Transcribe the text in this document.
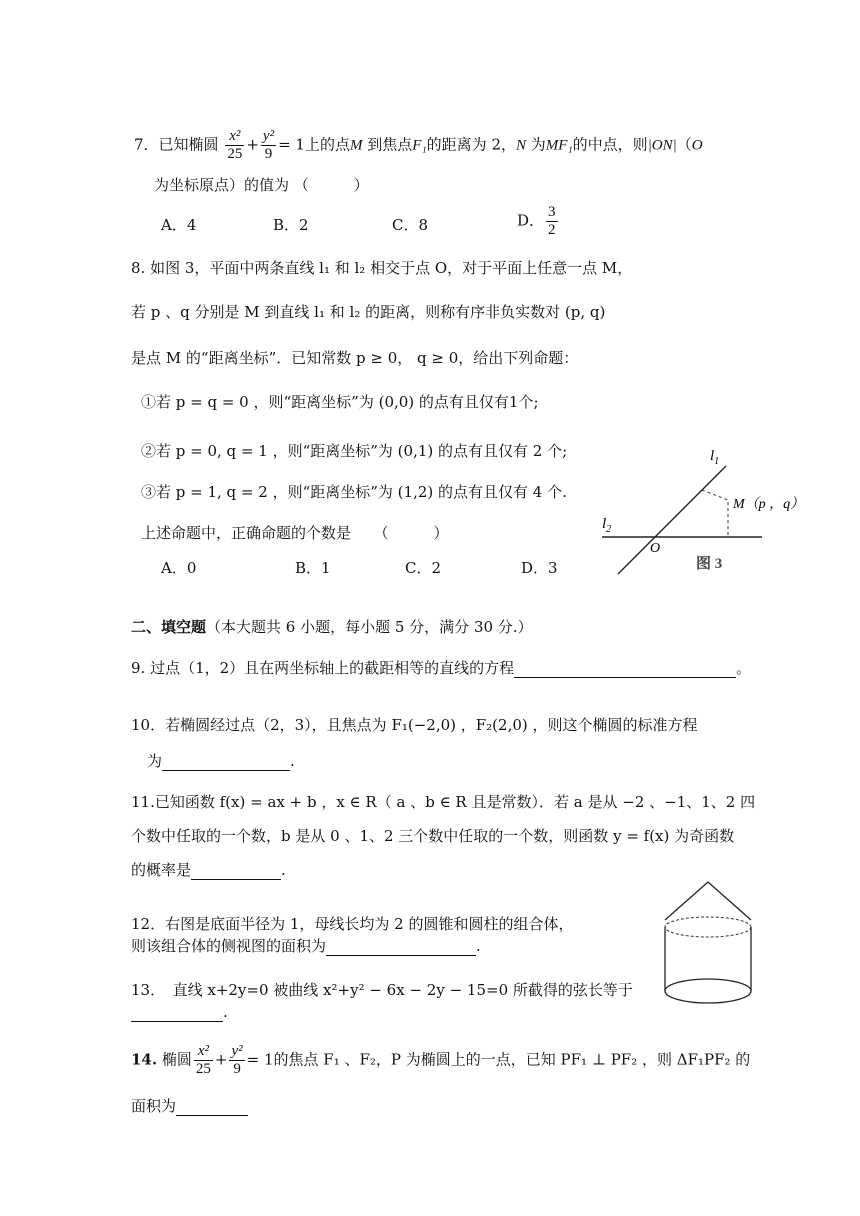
7．已知椭圆 $\frac{\text{x²}}{25} + \frac{\text{y²}}{9} = 1$上的点M 到焦点F₁的距离为 2，N 为MF₁的中点，则|ON|（O
为坐标原点）的值为 （　　　）
A．4	B．2	C．8	D． $\frac{3}{2}$
8. 如图 3，平面中两条直线 l₁ 和 l₂ 相交于点 O，对于平面上任意一点 M，
若 p 、q 分别是 M 到直线 l₁ 和 l₂ 的距离，则称有序非负实数对 (p, q)
是点 M 的“距离坐标”．已知常数 p ≥ 0， q ≥ 0，给出下列命题：
①若 p = q = 0 ，则“距离坐标”为 (0,0) 的点有且仅有1个;
②若 p = 0, q = 1 ，则“距离坐标”为 (0,1) 的点有且仅有 2 个;
③若 p = 1, q = 2 ，则“距离坐标”为 (1,2) 的点有且仅有 4 个.
上述命题中，正确命题的个数是　　（　　　）
A．0	B．1	C．2	D．3
$l_1$
$l_2$
O
M（p ，q）
图 3
二、填空题（本大题共 6 小题，每小题 5 分，满分 30 分.）
9. 过点（1，2）且在两坐标轴上的截距相等的直线的方程	。
10．若椭圆经过点（2，3），且焦点为 F₁(−2,0) ，F₂(2,0) ，则这个椭圆的标准方程
为	.
11.已知函数 f(x) = ax + b ，x ∈ R（ a 、b ∈ R 且是常数）．若 a 是从 −2 、−1、1、2 四
个数中任取的一个数，b 是从 0 、1、2 三个数中任取的一个数，则函数 y = f(x) 为奇函数
的概率是	.
12．右图是底面半径为 1，母线长均为 2 的圆锥和圆柱的组合体，
则该组合体的侧视图的面积为	.
13．　直线 x+2y=0 被曲线 x²+y² − 6x − 2y − 15=0 所截得的弦长等于
.
14. 椭圆 $\frac{\text{x²}}{25} + \frac{\text{y²}}{9} = 1$的焦点 F₁ 、F₂，P 为椭圆上的一点，已知 PF₁ ⊥ PF₂ ，则 ΔF₁PF₂ 的
面积为
